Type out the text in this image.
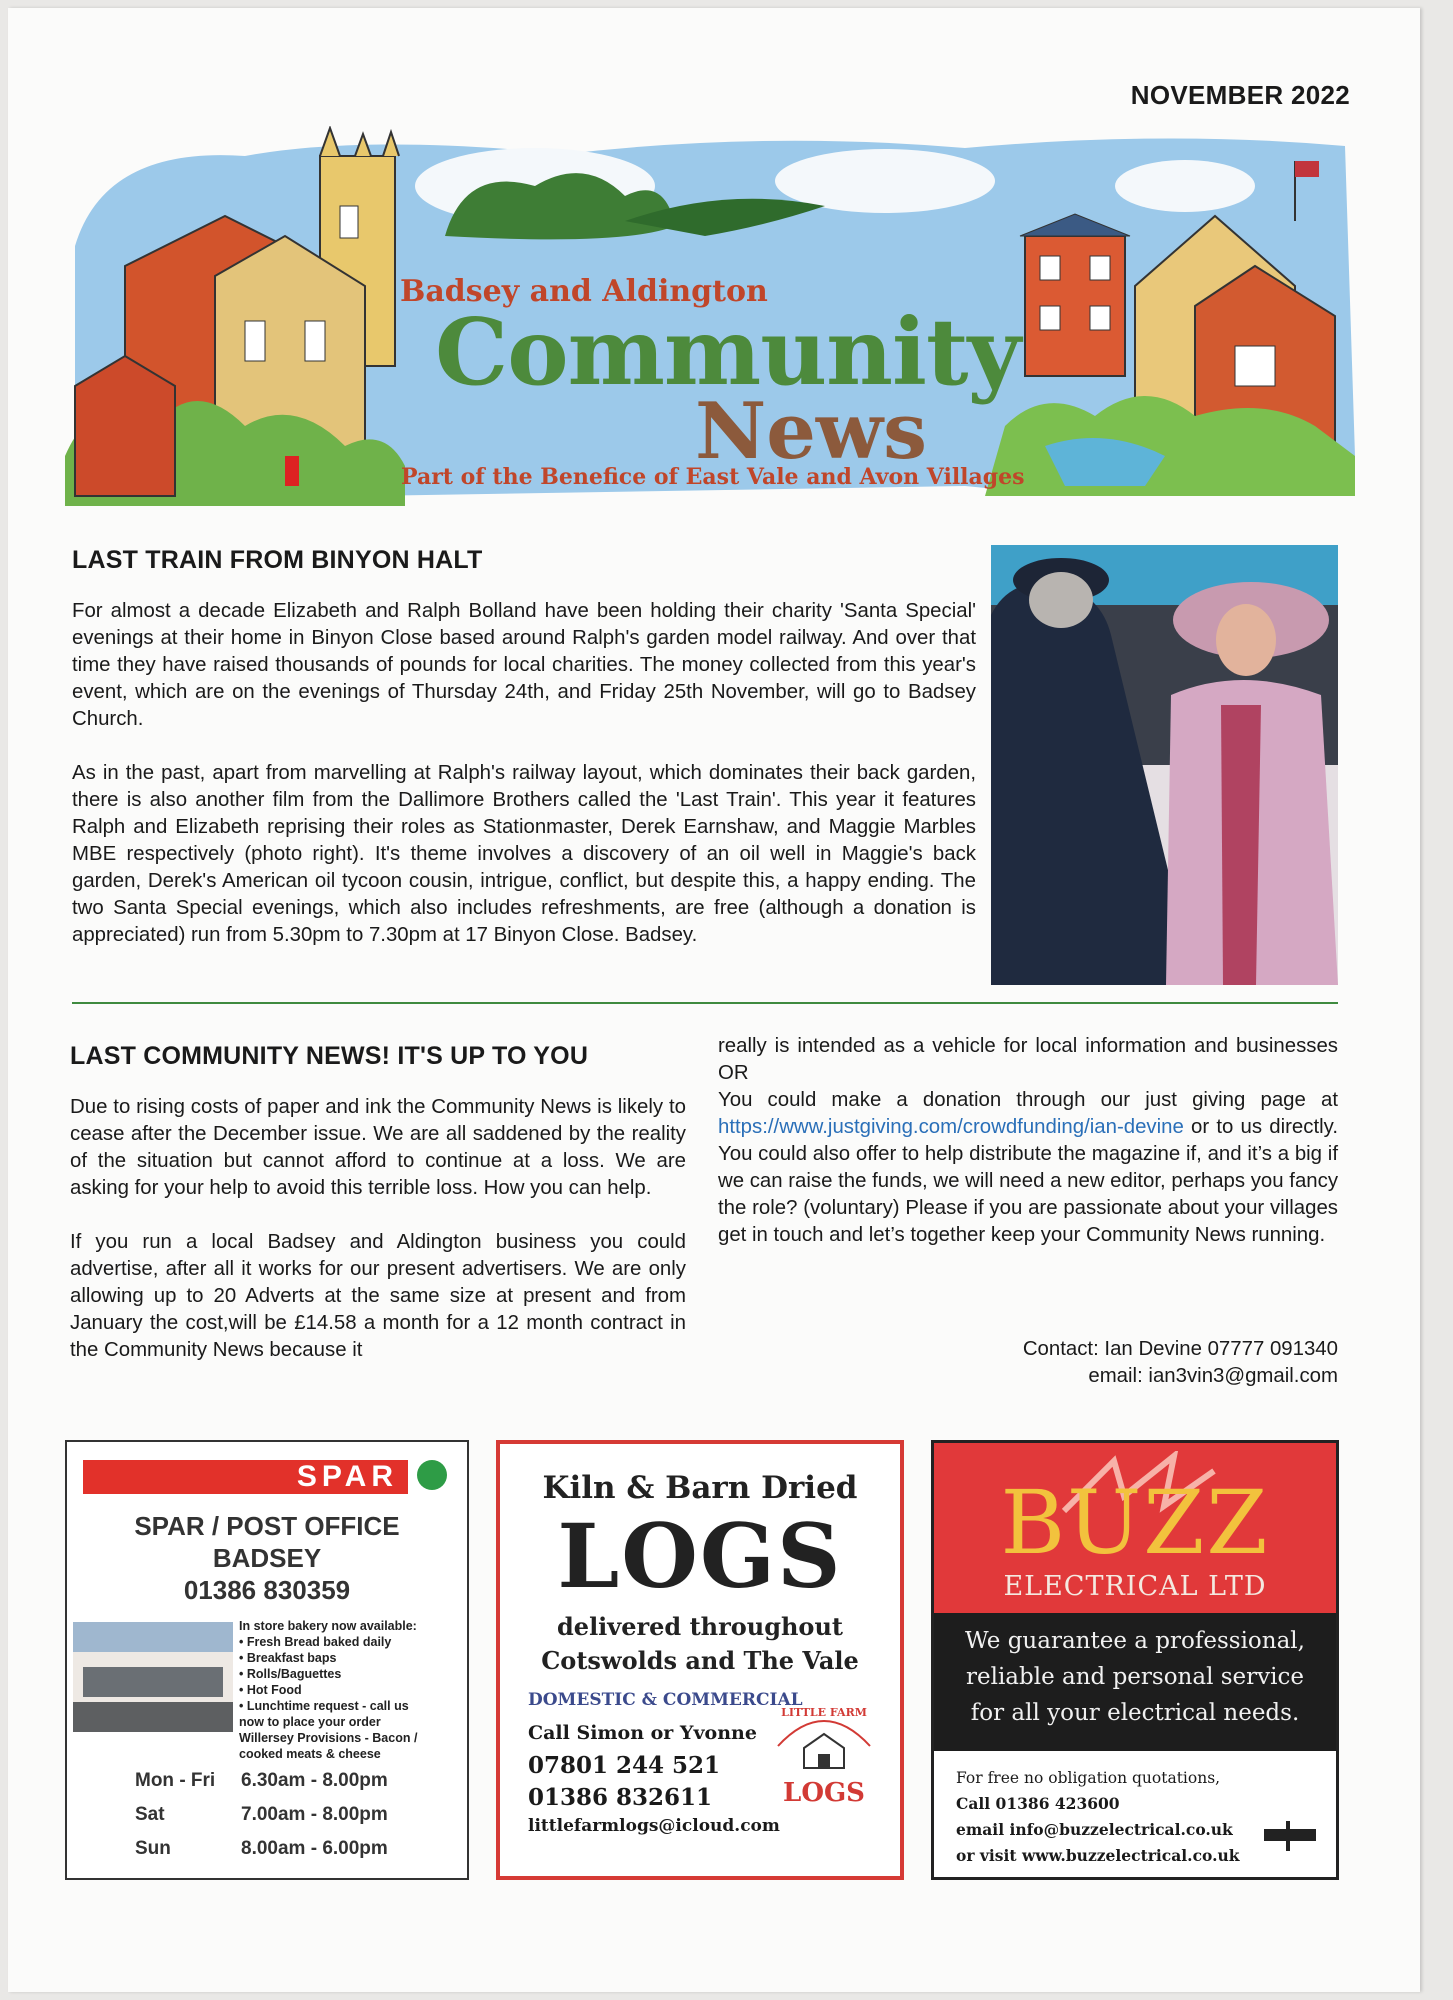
NOVEMBER 2022
Badsey and Aldington
Community
News
Part of the Benefice of East Vale and Avon Villages
LAST TRAIN FROM BINYON HALT

For almost a decade Elizabeth and Ralph Bolland have been holding their charity 'Santa Special' evenings at their home in Binyon Close based around Ralph's garden model railway. And over that time they have raised thousands of pounds for local charities. The money collected from this year's event, which are on the evenings of Thursday 24th, and Friday 25th November, will go to Badsey Church.

As in the past, apart from marvelling at Ralph's railway layout, which dominates their back garden, there is also another film from the Dallimore Brothers called the 'Last Train'. This year it features Ralph and Elizabeth reprising their roles as Stationmaster, Derek Earnshaw, and Maggie Marbles MBE respectively (photo right). It's theme involves a discovery of an oil well in Maggie's back garden, Derek's American oil tycoon cousin, intrigue, conflict, but despite this, a happy ending. The two Santa Special evenings, which also includes refreshments, are free (although a donation is appreciated) run from 5.30pm to 7.30pm at 17 Binyon Close. Badsey.

LAST COMMUNITY NEWS! IT'S UP TO YOU

Due to rising costs of paper and ink the Community News is likely to cease after the December issue. We are all saddened by the reality of the situation but cannot afford to continue at a loss. We are asking for your help to avoid this terrible loss. How you can help.

If you run a local Badsey and Aldington business you could advertise, after all it works for our present advertisers. We are only allowing up to 20 Adverts at the same size at present and from January the cost,will be £14.58 a month for a 12 month contract in the Community News because it

really is intended as a vehicle for local information and businesses OR

You could make a donation through our just giving page at https://www.justgiving.com/crowdfunding/ian-devine or to us directly. You could also offer to help distribute the magazine if, and it’s a big if we can raise the funds, we will need a new editor, perhaps you fancy the role? (voluntary) Please if you are passionate about your villages get in touch and let’s together keep your Community News running.

Contact: Ian Devine 07777 091340
email: ian3vin3@gmail.com
SPAR
SPAR / POST OFFICE
BADSEY
01386 830359
In store bakery now available:
• Fresh Bread baked daily
• Breakfast baps
• Rolls/Baguettes
• Hot Food
• Lunchtime request - call us
now to place your order
Willersey Provisions - Bacon /
cooked meats & cheese
Mon - Fri	6.30am - 8.00pm
Sat	7.00am - 8.00pm
Sun	8.00am - 6.00pm
Kiln & Barn Dried
LOGS
delivered throughout
Cotswolds and The Vale
DOMESTIC & COMMERCIAL
Call Simon or Yvonne
07801 244 521
01386 832611
littlefarmlogs@icloud.com
LITTLE FARM
LOGS
BUZZ
ELECTRICAL LTD
We guarantee a professional,
reliable and personal service
for all your electrical needs.
For free no obligation quotations,
Call 01386 423600
email info@buzzelectrical.co.uk
or visit www.buzzelectrical.co.uk
